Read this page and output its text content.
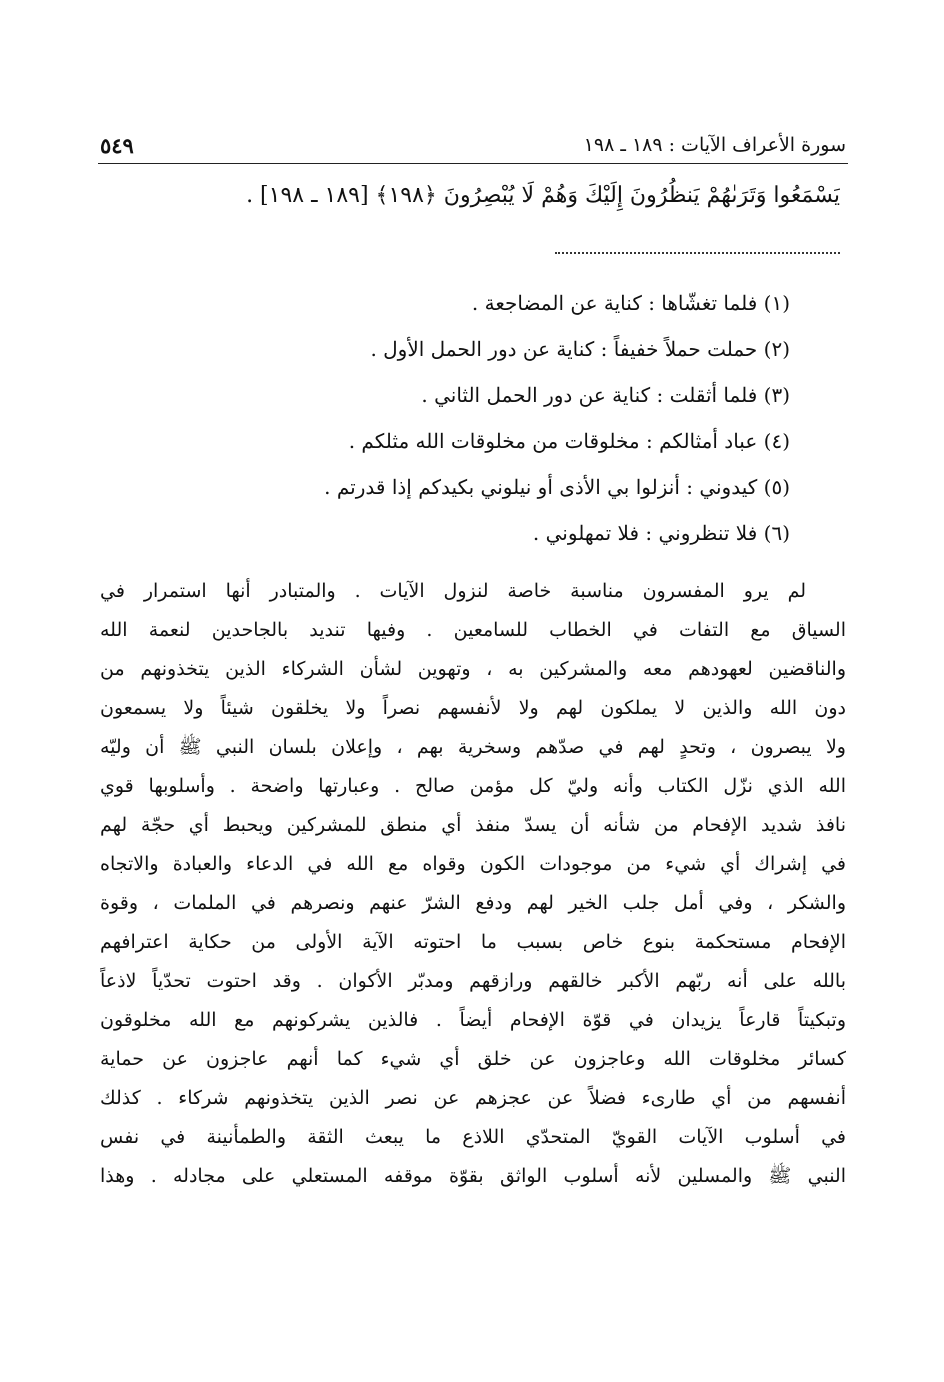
سورة الأعراف الآيات : ١٨٩ ـ ١٩٨
٥٤٩
يَسْمَعُوا وَتَرَىٰهُمْ يَنظُرُونَ إِلَيْكَ وَهُمْ لَا يُبْصِرُونَ ﴿١٩٨﴾ [١٨٩ ـ ١٩٨] .
(١) فلما تغشّاها : كناية عن المضاجعة .
(٢) حملت حملاً خفيفاً : كناية عن دور الحمل الأول .
(٣) فلما أثقلت : كناية عن دور الحمل الثاني .
(٤) عباد أمثالكم : مخلوقات من مخلوقات الله مثلكم .
(٥) كيدوني : أنزلوا بي الأذى أو نيلوني بكيدكم إذا قدرتم .
(٦) فلا تنظروني : فلا تمهلوني .
لم يرو المفسرون مناسبة خاصة لنزول الآيات . والمتبادر أنها استمرار في
السياق مع التفات في الخطاب للسامعين . وفيها تنديد بالجاحدين لنعمة الله
والناقضين لعهودهم معه والمشركين به ، وتهوين لشأن الشركاء الذين يتخذونهم من
دون الله والذين لا يملكون لهم ولا لأنفسهم نصراً ولا يخلقون شيئاً ولا يسمعون
ولا يبصرون ، وتحدٍ لهم في صدّهم وسخرية بهم ، وإعلان بلسان النبي ﷺ أن وليّه
الله الذي نزّل الكتاب وأنه وليّ كل مؤمن صالح . وعبارتها واضحة . وأسلوبها قوي
نافذ شديد الإفحام من شأنه أن يسدّ منفذ أي منطق للمشركين ويحبط أي حجّة لهم
في إشراك أي شيء من موجودات الكون وقواه مع الله في الدعاء والعبادة والاتجاه
والشكر ، وفي أمل جلب الخير لهم ودفع الشرّ عنهم ونصرهم في الملمات ، وقوة
الإفحام مستحكمة بنوع خاص بسبب ما احتوته الآية الأولى من حكاية اعترافهم
بالله على أنه ربّهم الأكبر خالقهم ورازقهم ومدبّر الأكوان . وقد احتوت تحدّياً لاذعاً
وتبكيتاً قارعاً يزيدان في قوّة الإفحام أيضاً . فالذين يشركونهم مع الله مخلوقون
كسائر مخلوقات الله وعاجزون عن خلق أي شيء كما أنهم عاجزون عن حماية
أنفسهم من أي طارىء فضلاً عن عجزهم عن نصر الذين يتخذونهم شركاء . كذلك
في أسلوب الآيات القويّ المتحدّي اللاذع ما يبعث الثقة والطمأنينة في نفس
النبي ﷺ والمسلين لأنه أسلوب الواثق بقوّة موقفه المستعلي على مجادله . وهذا
